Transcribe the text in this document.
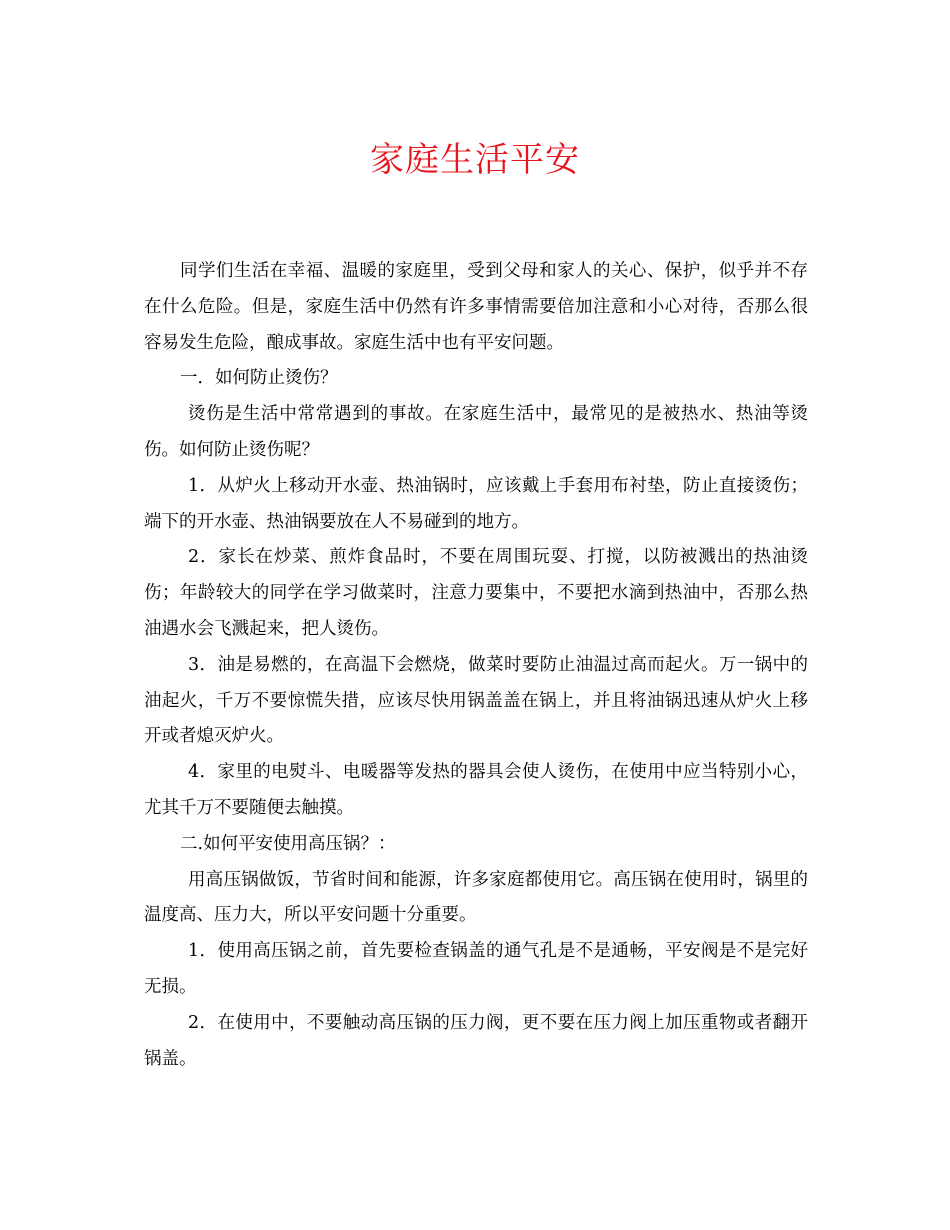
家庭生活平安

同学们生活在幸福、温暖的家庭里，受到父母和家人的关心、保护，似乎并不存在什么危险。但是，家庭生活中仍然有许多事情需要倍加注意和小心对待，否那么很容易发生危险，酿成事故。家庭生活中也有平安问题。

一．如何防止烫伤？

烫伤是生活中常常遇到的事故。在家庭生活中，最常见的是被热水、热油等烫伤。如何防止烫伤呢？

1．从炉火上移动开水壶、热油锅时，应该戴上手套用布衬垫，防止直接烫伤；端下的开水壶、热油锅要放在人不易碰到的地方。

2．家长在炒菜、煎炸食品时，不要在周围玩耍、打搅，以防被溅出的热油烫伤；年龄较大的同学在学习做菜时，注意力要集中，不要把水滴到热油中，否那么热油遇水会飞溅起来，把人烫伤。

3．油是易燃的，在高温下会燃烧，做菜时要防止油温过高而起火。万一锅中的油起火，千万不要惊慌失措，应该尽快用锅盖盖在锅上，并且将油锅迅速从炉火上移开或者熄灭炉火。

4．家里的电熨斗、电暖器等发热的器具会使人烫伤，在使用中应当特别小心，尤其千万不要随便去触摸。

二.如何平安使用高压锅？：

用高压锅做饭，节省时间和能源，许多家庭都使用它。高压锅在使用时，锅里的温度高、压力大，所以平安问题十分重要。

1．使用高压锅之前，首先要检查锅盖的通气孔是不是通畅，平安阀是不是完好无损。

2．在使用中，不要触动高压锅的压力阀，更不要在压力阀上加压重物或者翻开锅盖。
